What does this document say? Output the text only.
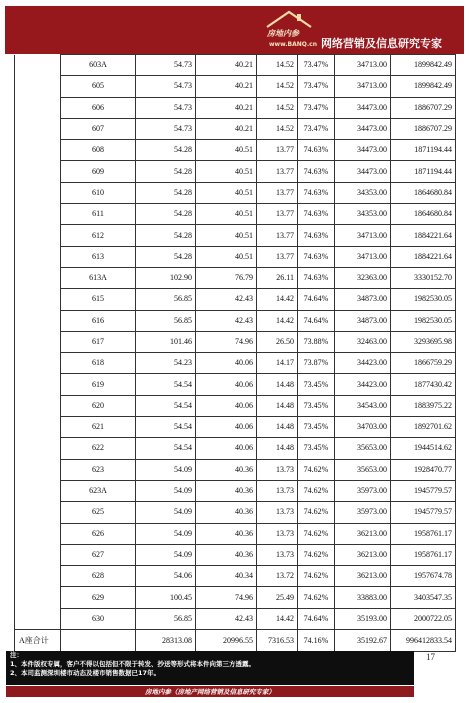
房地内参
www.BANQ.cn 网络营销及信息研究专家
	603A	54.73	40.21	14.52	73.47%	34713.00	1899842.49
	605	54.73	40.21	14.52	73.47%	34713.00	1899842.49
	606	54.73	40.21	14.52	73.47%	34473.00	1886707.29
	607	54.73	40.21	14.52	73.47%	34473.00	1886707.29
	608	54.28	40.51	13.77	74.63%	34473.00	1871194.44
	609	54.28	40.51	13.77	74.63%	34473.00	1871194.44
	610	54.28	40.51	13.77	74.63%	34353.00	1864680.84
	611	54.28	40.51	13.77	74.63%	34353.00	1864680.84
	612	54.28	40.51	13.77	74.63%	34713.00	1884221.64
	613	54.28	40.51	13.77	74.63%	34713.00	1884221.64
	613A	102.90	76.79	26.11	74.63%	32363.00	3330152.70
	615	56.85	42.43	14.42	74.64%	34873.00	1982530.05
	616	56.85	42.43	14.42	74.64%	34873.00	1982530.05
	617	101.46	74.96	26.50	73.88%	32463.00	3293695.98
	618	54.23	40.06	14.17	73.87%	34423.00	1866759.29
	619	54.54	40.06	14.48	73.45%	34423.00	1877430.42
	620	54.54	40.06	14.48	73.45%	34543.00	1883975.22
	621	54.54	40.06	14.48	73.45%	34703.00	1892701.62
	622	54.54	40.06	14.48	73.45%	35653.00	1944514.62
	623	54.09	40.36	13.73	74.62%	35653.00	1928470.77
	623A	54.09	40.36	13.73	74.62%	35973.00	1945779.57
	625	54.09	40.36	13.73	74.62%	35973.00	1945779.57
	626	54.09	40.36	13.73	74.62%	36213.00	1958761.17
	627	54.09	40.36	13.73	74.62%	36213.00	1958761.17
	628	54.06	40.34	13.72	74.62%	36213.00	1957674.78
	629	100.45	74.96	25.49	74.62%	33883.00	3403547.35
	630	56.85	42.43	14.42	74.64%	35193.00	2000722.05
A座合计		28313.08	20996.55	7316.53	74.16%	35192.67	996412833.54
注：
1、本件版权专属，客户不得以包括但不限于转发、抄送等形式将本件向第三方透露。
2、本司监测深圳楼市动态及楼市销售数据已17年。
17
房地内参（房地产网络营销及信息研究专家）
